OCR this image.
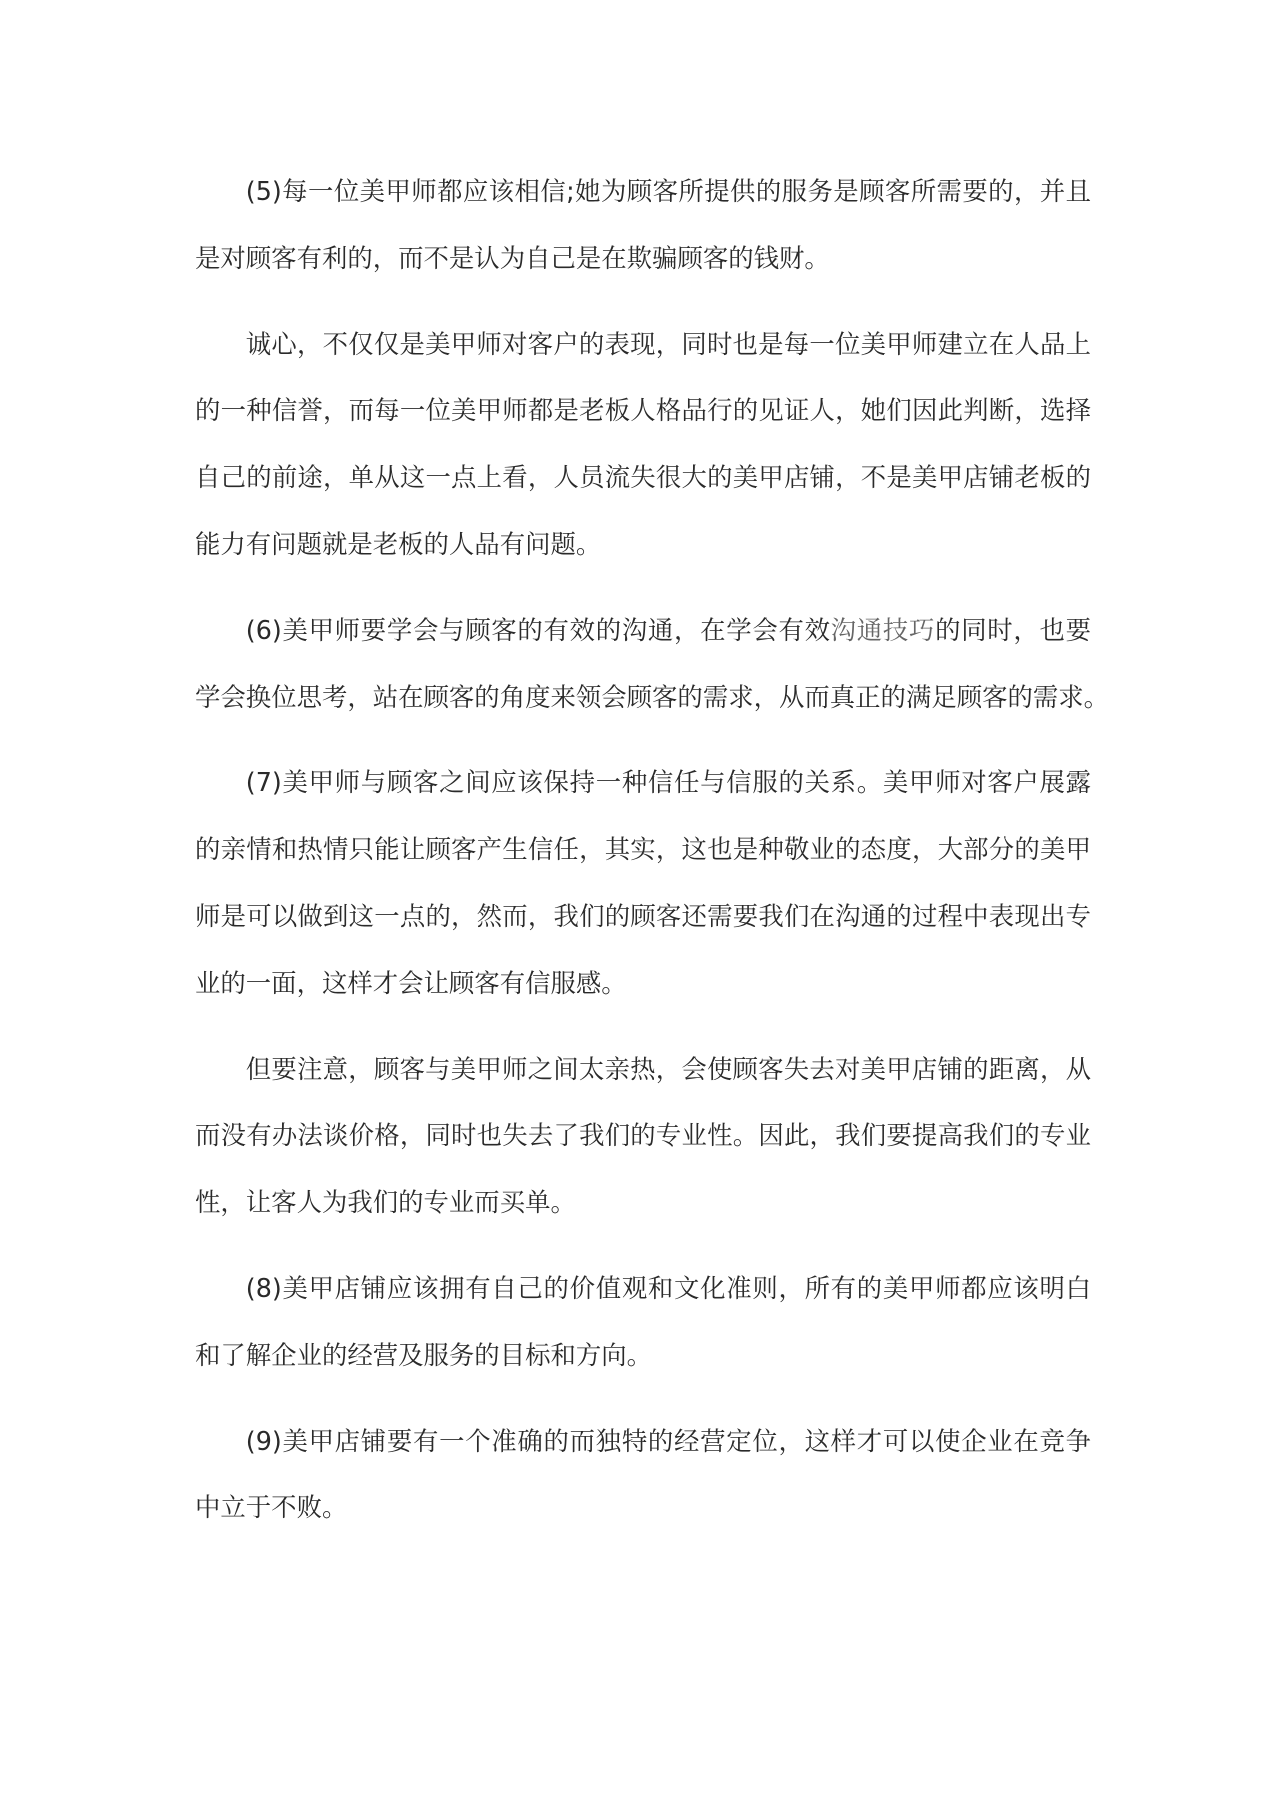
(5)每一位美甲师都应该相信;她为顾客所提供的服务是顾客所需要的，并且
是对顾客有利的，而不是认为自己是在欺骗顾客的钱财。
诚心，不仅仅是美甲师对客户的表现，同时也是每一位美甲师建立在人品上
的一种信誉，而每一位美甲师都是老板人格品行的见证人，她们因此判断，选择
自己的前途，单从这一点上看，人员流失很大的美甲店铺，不是美甲店铺老板的
能力有问题就是老板的人品有问题。
(6)美甲师要学会与顾客的有效的沟通，在学会有效沟通技巧的同时，也要
学会换位思考，站在顾客的角度来领会顾客的需求，从而真正的满足顾客的需求。
(7)美甲师与顾客之间应该保持一种信任与信服的关系。美甲师对客户展露
的亲情和热情只能让顾客产生信任，其实，这也是种敬业的态度，大部分的美甲
师是可以做到这一点的，然而，我们的顾客还需要我们在沟通的过程中表现出专
业的一面，这样才会让顾客有信服感。
但要注意，顾客与美甲师之间太亲热，会使顾客失去对美甲店铺的距离，从
而没有办法谈价格，同时也失去了我们的专业性。因此，我们要提高我们的专业
性，让客人为我们的专业而买单。
(8)美甲店铺应该拥有自己的价值观和文化准则，所有的美甲师都应该明白
和了解企业的经营及服务的目标和方向。
(9)美甲店铺要有一个准确的而独特的经营定位，这样才可以使企业在竞争
中立于不败。
